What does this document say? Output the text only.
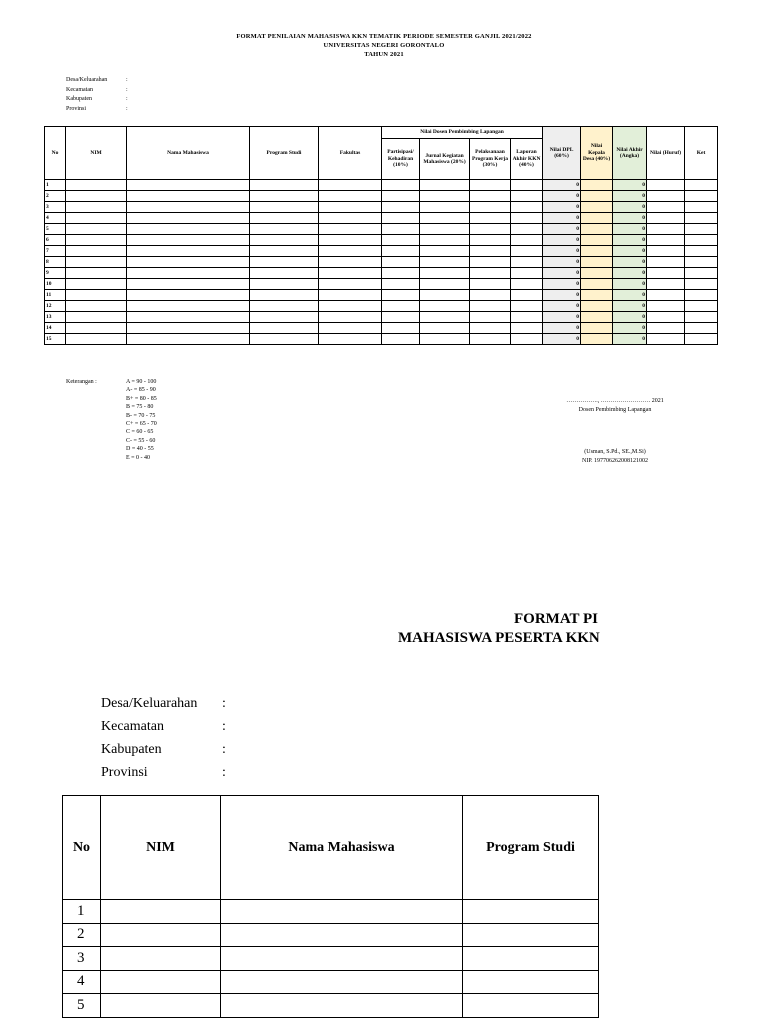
FORMAT PENILAIAN MAHASISWA KKN TEMATIK PERIODE SEMESTER GANJIL 2021/2022
UNIVERSITAS NEGERI GORONTALO
TAHUN 2021
Desa/Keluarahan	:
Kecamatan	:
Kabupaten	:
Provinsi	:
No	NIM	Nama Mahasiswa	Program Studi	Fakultas	Nilai Dosen Pembimbing Lapangan				Nilai DPL (60%)	Nilai Kepala Desa (40%)	Nilai Akhir (Angka)	Nilai (Huruf)	Ket
					Partisipasi/ Kehadiran (10%)	Jurnal Kegiatan Mahasiswa (20%)	Pelaksanaan Program Kerja (30%)	Laporan Akhir KKN (40%)					
1									0		0		
2									0		0		
3									0		0		
4									0		0		
5									0		0		
6									0		0		
7									0		0		
8									0		0		
9									0		0		
10									0		0		
11									0		0		
12									0		0		
13									0		0		
14									0		0		
15									0		0		
Keterangan :	A = 90 - 100
A- = 85 - 90
B+ = 80 - 85
B = 75 - 80
B- = 70 - 75
C+ = 65 - 70
C = 60 - 65
C- = 55 - 60
D = 40 - 55
E = 0 - 40
……………., ……………………. 2021
Dosen Pembimbing Lapangan
(Usman, S.Pd., SE.,M.Si)
NIP. 197706262008121002
FORMAT PI
MAHASISWA PESERTA KKN
Desa/Keluarahan	:
Kecamatan	:
Kabupaten	:
Provinsi	:
No	NIM	Nama Mahasiswa	Program Studi
1			
2			
3			
4			
5			
